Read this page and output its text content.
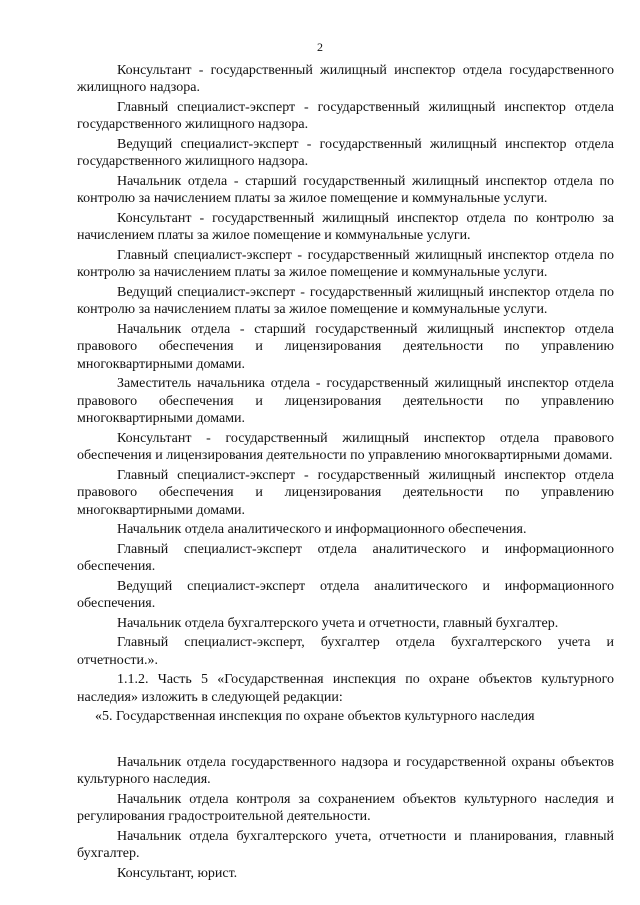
2

Консультант - государственный жилищный инспектор отдела государственного жилищного надзора.

Главный специалист-эксперт - государственный жилищный инспектор отдела государственного жилищного надзора.

Ведущий специалист-эксперт - государственный жилищный инспектор отдела государственного жилищного надзора.

Начальник отдела - старший государственный жилищный инспектор отдела по контролю за начислением платы за жилое помещение и коммунальные услуги.

Консультант - государственный жилищный инспектор отдела по контролю за начислением платы за жилое помещение и коммунальные услуги.

Главный специалист-эксперт - государственный жилищный инспектор отдела по контролю за начислением платы за жилое помещение и коммунальные услуги.

Ведущий специалист-эксперт - государственный жилищный инспектор отдела по контролю за начислением платы за жилое помещение и коммунальные услуги.

Начальник отдела - старший государственный жилищный инспектор отдела правового обеспечения и лицензирования деятельности по управлению многоквартирными домами.

Заместитель начальника отдела - государственный жилищный инспектор отдела правового обеспечения и лицензирования деятельности по управлению многоквартирными домами.

Консультант - государственный жилищный инспектор отдела правового обеспечения и лицензирования деятельности по управлению многоквартирными домами.

Главный специалист-эксперт - государственный жилищный инспектор отдела правового обеспечения и лицензирования деятельности по управлению многоквартирными домами.

Начальник отдела аналитического и информационного обеспечения.

Главный специалист-эксперт отдела аналитического и информационного обеспечения.

Ведущий специалист-эксперт отдела аналитического и информационного обеспечения.

Начальник отдела бухгалтерского учета и отчетности, главный бухгалтер.

Главный специалист-эксперт, бухгалтер отдела бухгалтерского учета и отчетности.».

1.1.2. Часть 5 «Государственная инспекция по охране объектов культурного наследия» изложить в следующей редакции:

«5. Государственная инспекция по охране объектов культурного наследия

Начальник отдела государственного надзора и государственной охраны объектов культурного наследия.

Начальник отдела контроля за сохранением объектов культурного наследия и регулирования градостроительной деятельности.

Начальник отдела бухгалтерского учета, отчетности и планирования, главный бухгалтер.

Консультант, юрист.
